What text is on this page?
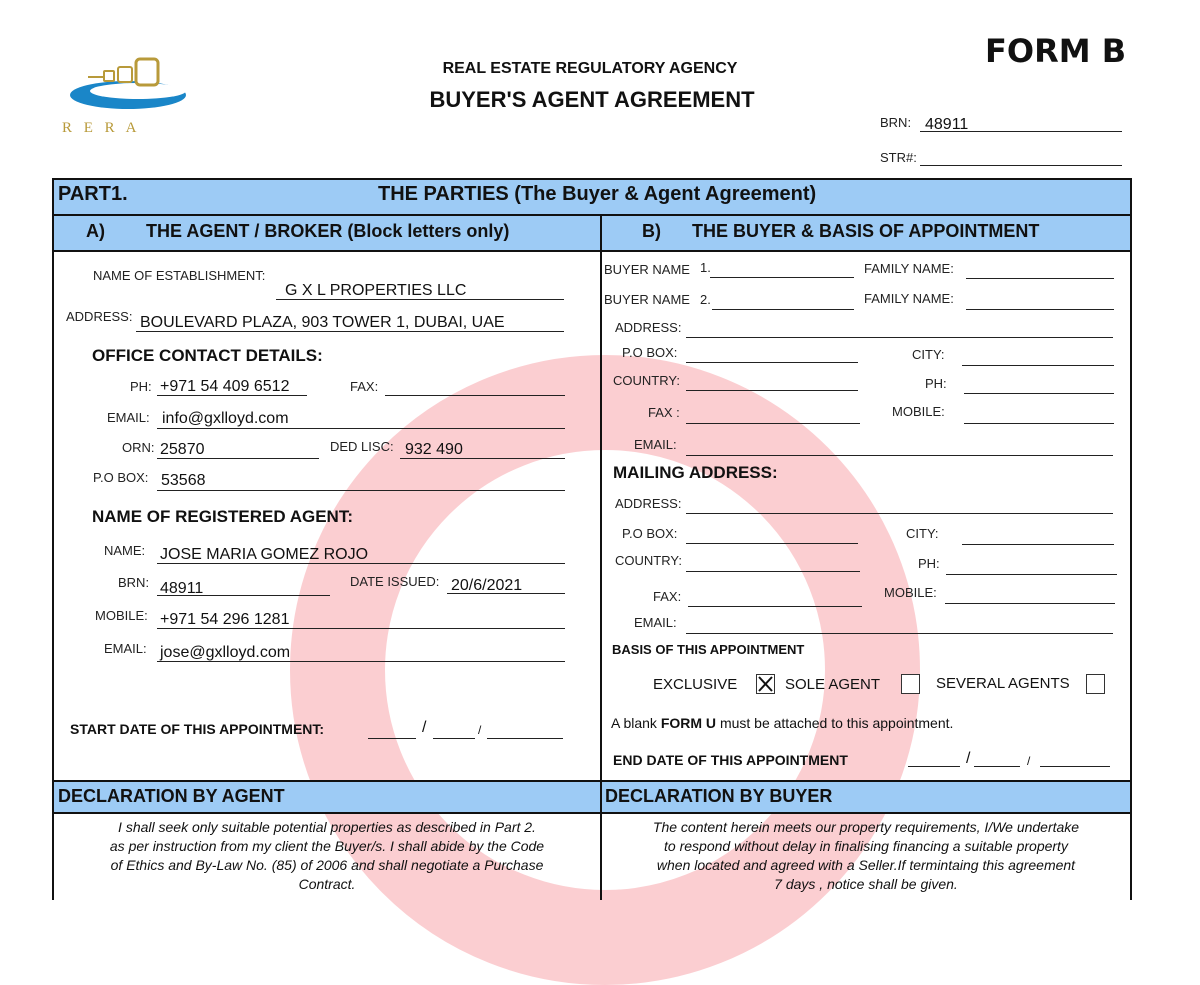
R E R A
REAL ESTATE REGULATORY AGENCY
BUYER'S AGENT AGREEMENT
FORM B
BRN: 48911
STR#:
PART1.	THE PARTIES (The Buyer & Agent Agreement)
A) THE AGENT / BROKER (Block letters only)	B) THE BUYER & BASIS OF APPOINTMENT
NAME OF ESTABLISHMENT:
G X L PROPERTIES LLC
ADDRESS: BOULEVARD PLAZA, 903 TOWER 1, DUBAI, UAE
OFFICE CONTACT DETAILS:
PH: +971 54 409 6512	FAX:
EMAIL: info@gxlloyd.com
ORN: 25870	DED LISC: 932 490
P.O BOX: 53568
NAME OF REGISTERED AGENT:
NAME: JOSE MARIA GOMEZ ROJO
BRN: 48911	DATE ISSUED: 20/6/2021
MOBILE: +971 54 296 1281
EMAIL: jose@gxlloyd.com
START DATE OF THIS APPOINTMENT:	/	/
BUYER NAME 1.	FAMILY NAME:
BUYER NAME 2.	FAMILY NAME:
ADDRESS:
P.O BOX:	CITY:
COUNTRY:	PH:
FAX :	MOBILE:
EMAIL:
MAILING ADDRESS:
ADDRESS:
P.O BOX:	CITY:
COUNTRY:	PH:
FAX:	MOBILE:
EMAIL:
BASIS OF THIS APPOINTMENT
EXCLUSIVE	SOLE AGENT	SEVERAL AGENTS
A blank FORM U must be attached to this appointment.
END DATE OF THIS APPOINTMENT	/	/
DECLARATION BY AGENT	DECLARATION BY BUYER
I shall seek only suitable potential properties as described in Part 2.
as per instruction from my client the Buyer/s. I shall abide by the Code
of Ethics and By-Law No. (85) of 2006 and shall negotiate a Purchase
Contract.
The content herein meets our property requirements, I/We undertake
to respond without delay in finalising financing a suitable property
when located and agreed with a Seller.If termintaing this agreement
7 days , notice shall be given.
